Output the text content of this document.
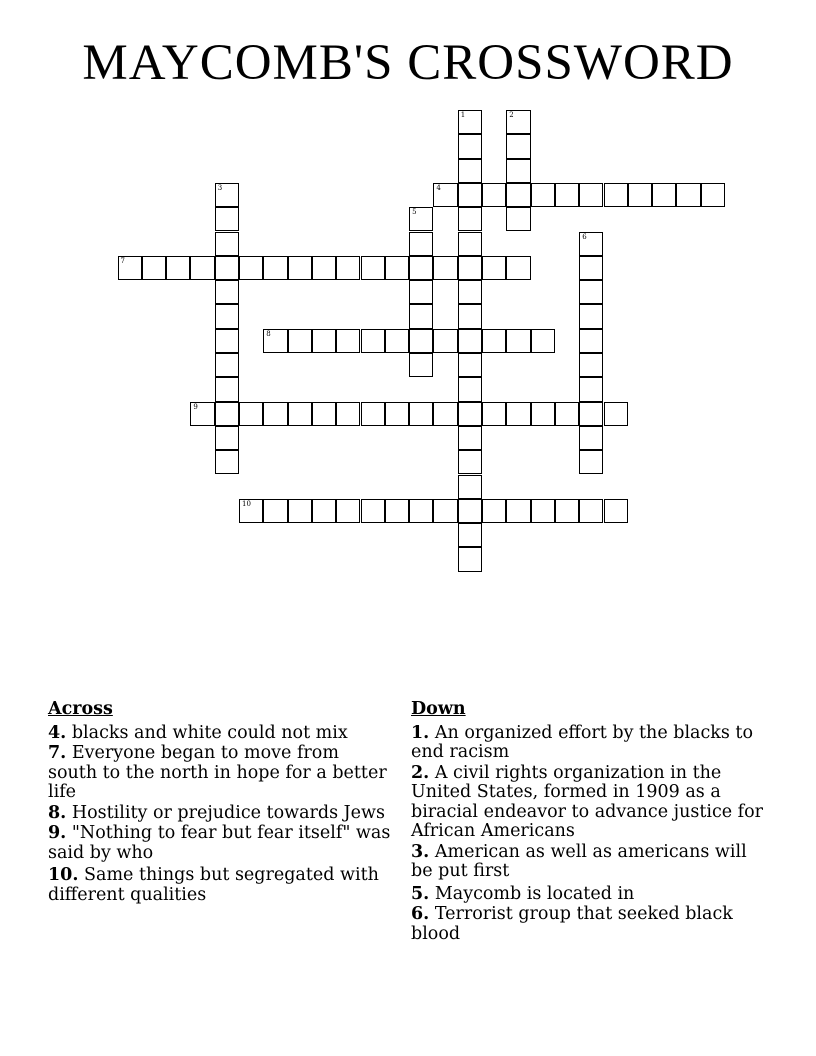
MAYCOMB'S CROSSWORD
1	2
3	4
5
6
7
8
9
10
Across
4. blacks and white could not mix
7. Everyone began to move from south to the north in hope for a better life
8. Hostility or prejudice towards Jews
9. "Nothing to fear but fear itself" was said by who
10. Same things but segregated with different qualities
Down
1. An organized effort by the blacks to end racism
2. A civil rights organization in the United States, formed in 1909 as a biracial endeavor to advance justice for African Americans
3. American as well as americans will be put first
5. Maycomb is located in
6. Terrorist group that seeked black blood
